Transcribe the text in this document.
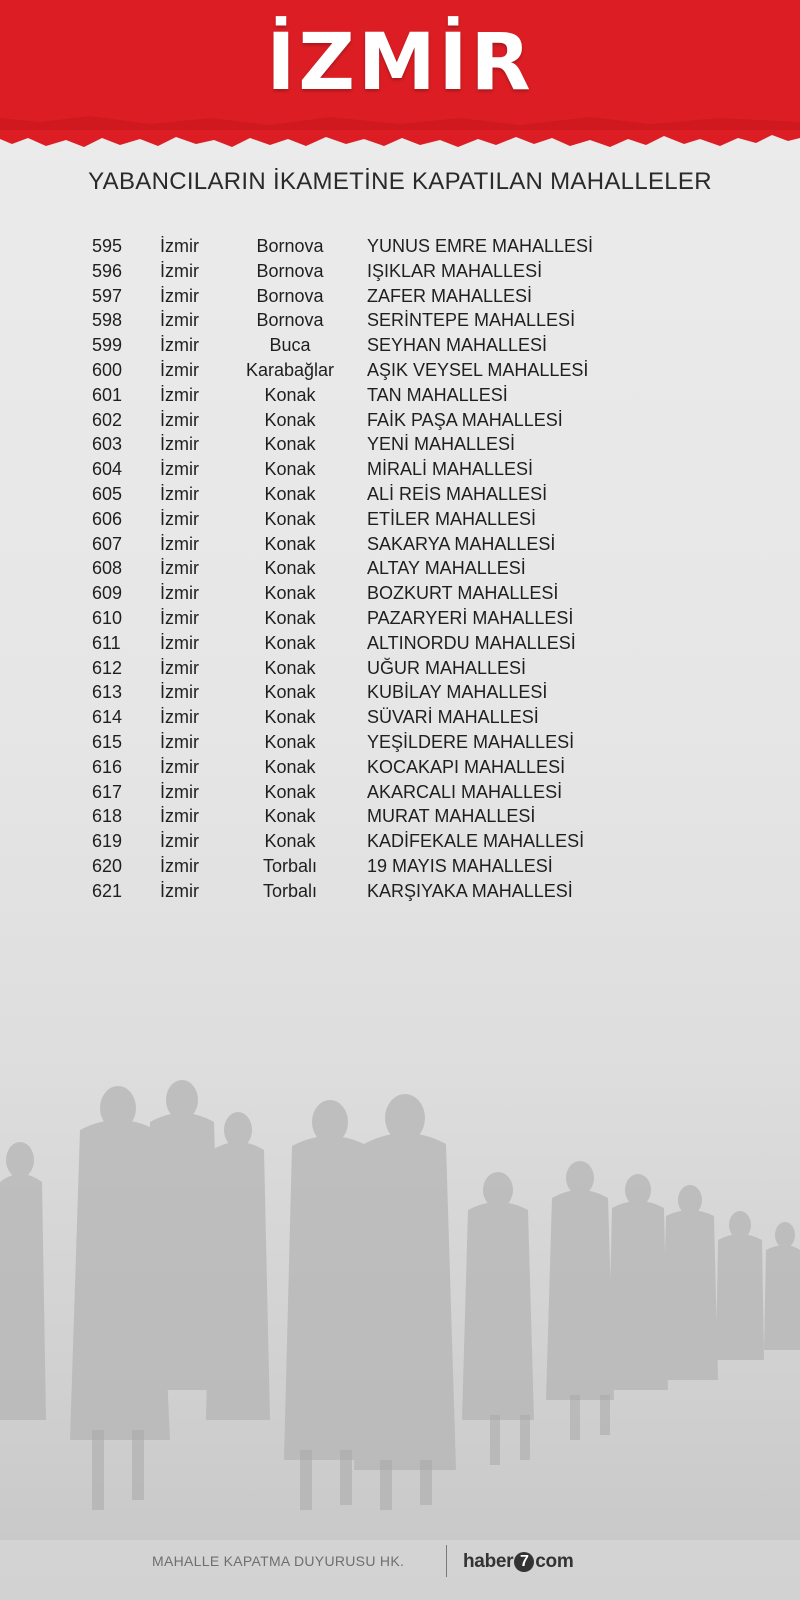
İZMİR
YABANCILARIN İKAMETİNE KAPATILAN MAHALLELER
595	İzmir	Bornova	YUNUS EMRE MAHALLESİ
596	İzmir	Bornova	IŞIKLAR MAHALLESİ
597	İzmir	Bornova	ZAFER MAHALLESİ
598	İzmir	Bornova	SERİNTEPE MAHALLESİ
599	İzmir	Buca	SEYHAN MAHALLESİ
600	İzmir	Karabağlar	AŞIK VEYSEL MAHALLESİ
601	İzmir	Konak	TAN MAHALLESİ
602	İzmir	Konak	FAİK PAŞA MAHALLESİ
603	İzmir	Konak	YENİ MAHALLESİ
604	İzmir	Konak	MİRALİ MAHALLESİ
605	İzmir	Konak	ALİ REİS MAHALLESİ
606	İzmir	Konak	ETİLER MAHALLESİ
607	İzmir	Konak	SAKARYA MAHALLESİ
608	İzmir	Konak	ALTAY MAHALLESİ
609	İzmir	Konak	BOZKURT MAHALLESİ
610	İzmir	Konak	PAZARYERİ MAHALLESİ
611	İzmir	Konak	ALTINORDU MAHALLESİ
612	İzmir	Konak	UĞUR MAHALLESİ
613	İzmir	Konak	KUBİLAY MAHALLESİ
614	İzmir	Konak	SÜVARİ MAHALLESİ
615	İzmir	Konak	YEŞİLDERE MAHALLESİ
616	İzmir	Konak	KOCAKAPI MAHALLESİ
617	İzmir	Konak	AKARCALI MAHALLESİ
618	İzmir	Konak	MURAT MAHALLESİ
619	İzmir	Konak	KADİFEKALE MAHALLESİ
620	İzmir	Torbalı	19 MAYIS MAHALLESİ
621	İzmir	Torbalı	KARŞIYAKA MAHALLESİ
MAHALLE KAPATMA DUYURUSU HK.	haber 7 com
